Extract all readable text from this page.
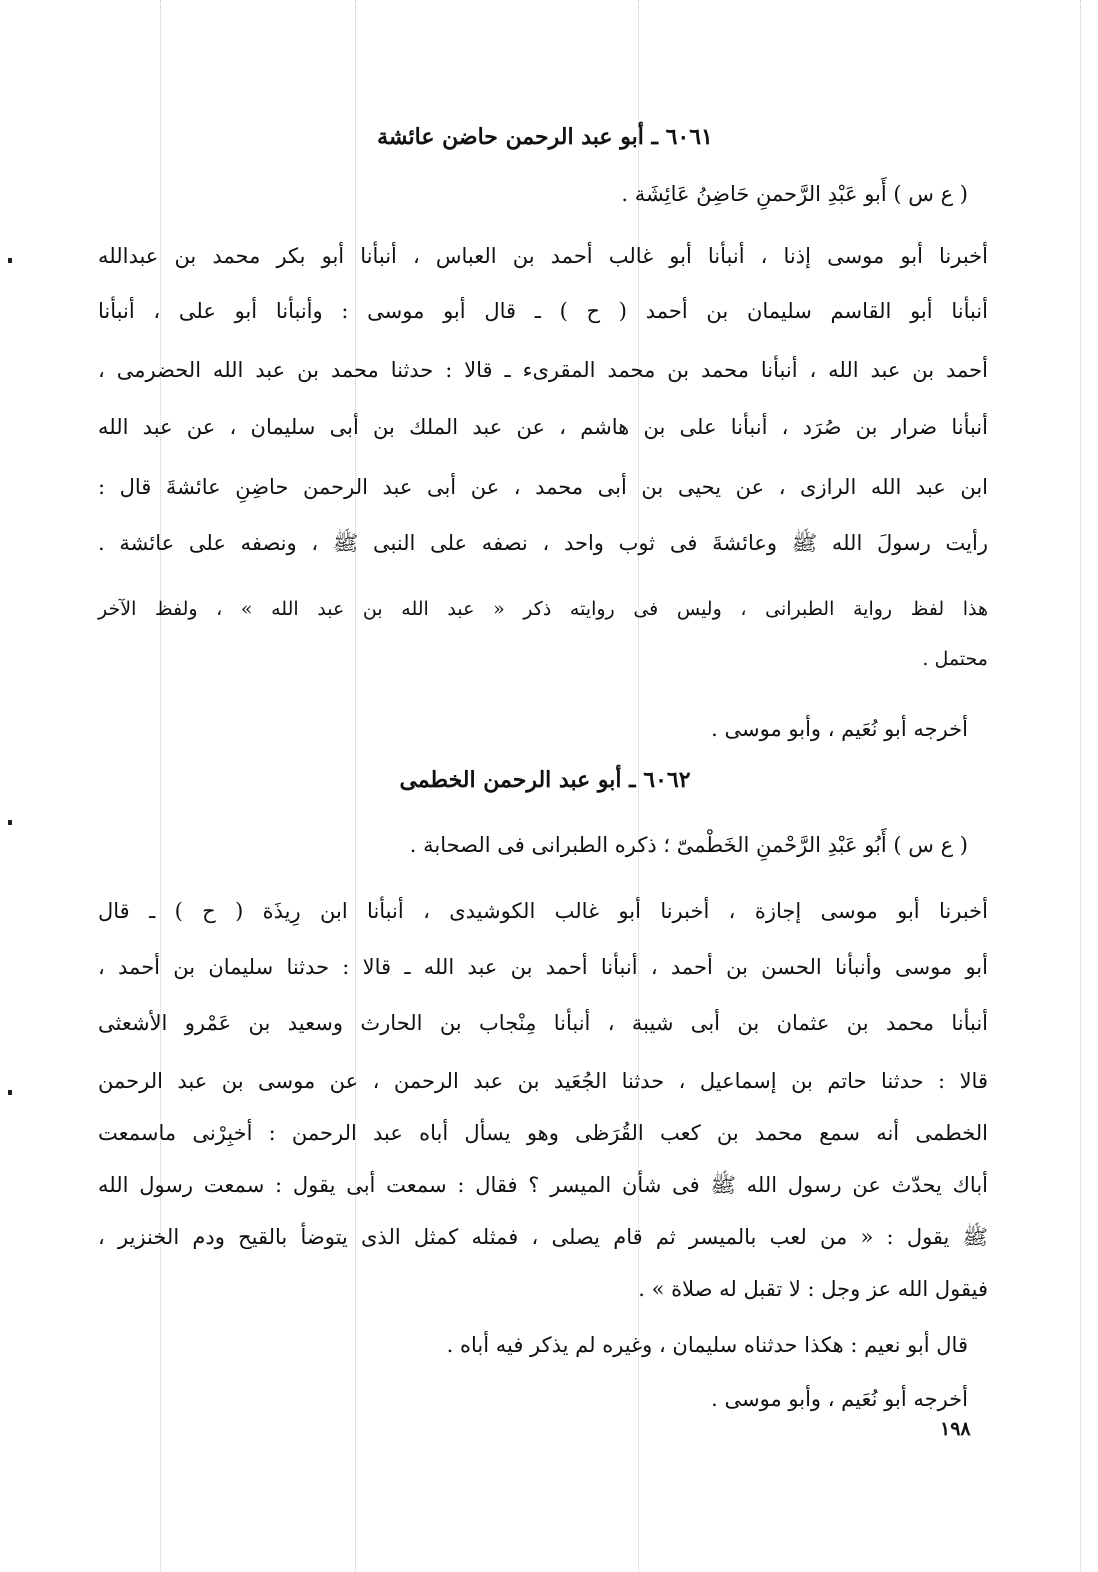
٦٠٦١ ـ أبو عبد الرحمن حاضن عائشة
( ع س ) أَبو عَبْدِ الرَّحمنِ حَاضِنُ عَائِشَة .
أخبرنا أبو موسى إذنا ، أنبأنا أبو غالب أحمد بن العباس ، أنبأنا أبو بكر محمد بن عبدالله
أنبأنا أبو القاسم سليمان بن أحمد ( ح ) ـ قال أبو موسى : وأنبأنا أبو على ، أنبأنا
أحمد بن عبد الله ، أنبأنا محمد بن محمد المقرىء ـ قالا : حدثنا محمد بن عبد الله الحضرمى ،
أنبأنا ضرار بن صُرَد ، أنبأنا على بن هاشم ، عن عبد الملك بن أبى سليمان ، عن عبد الله
ابن عبد الله الرازى ، عن يحيى بن أبى محمد ، عن أبى عبد الرحمن حاضِنِ عائشةَ قال :
رأيت رسولَ الله ﷺ وعائشةَ فى ثوب واحد ، نصفه على النبى ﷺ ، ونصفه على عائشة .
هذا لفظ رواية الطبرانى ، وليس فى روايته ذكر « عبد الله بن عبد الله » ، ولفظ الآخر
محتمل .
أخرجه أبو نُعَيم ، وأبو موسى .
٦٠٦٢ ـ أبو عبد الرحمن الخطمى
( ع س ) أَبُو عَبْدِ الرَّحْمنِ الخَطْمىّ ؛ ذكره الطبرانى فى الصحابة .
أخبرنا أبو موسى إجازة ، أخبرنا أبو غالب الكوشيدى ، أنبأنا ابن رِيذَة ( ح ) ـ قال
أبو موسى وأنبأنا الحسن بن أحمد ، أنبأنا أحمد بن عبد الله ـ قالا : حدثنا سليمان بن أحمد ،
أنبأنا محمد بن عثمان بن أبى شيبة ، أنبأنا مِنْجاب بن الحارث وسعيد بن عَمْرو الأشعثى
قالا : حدثنا حاتم بن إسماعيل ، حدثنا الجُعَيد بن عبد الرحمن ، عن موسى بن عبد الرحمن
الخطمى أنه سمع محمد بن كعب القُرَظى وهو يسأل أباه عبد الرحمن : أخبِرْنى ماسمعت
أباك يحدّث عن رسول الله ﷺ فى شأن الميسر ؟ فقال : سمعت أبى يقول : سمعت رسول الله
ﷺ يقول : « من لعب بالميسر ثم قام يصلى ، فمثله كمثل الذى يتوضأ بالقيح ودم الخنزير ،
فيقول الله عز وجل : لا تقبل له صلاة » .
قال أبو نعيم : هكذا حدثناه سليمان ، وغيره لم يذكر فيه أباه .
أخرجه أبو نُعَيم ، وأبو موسى .
١٩٨
